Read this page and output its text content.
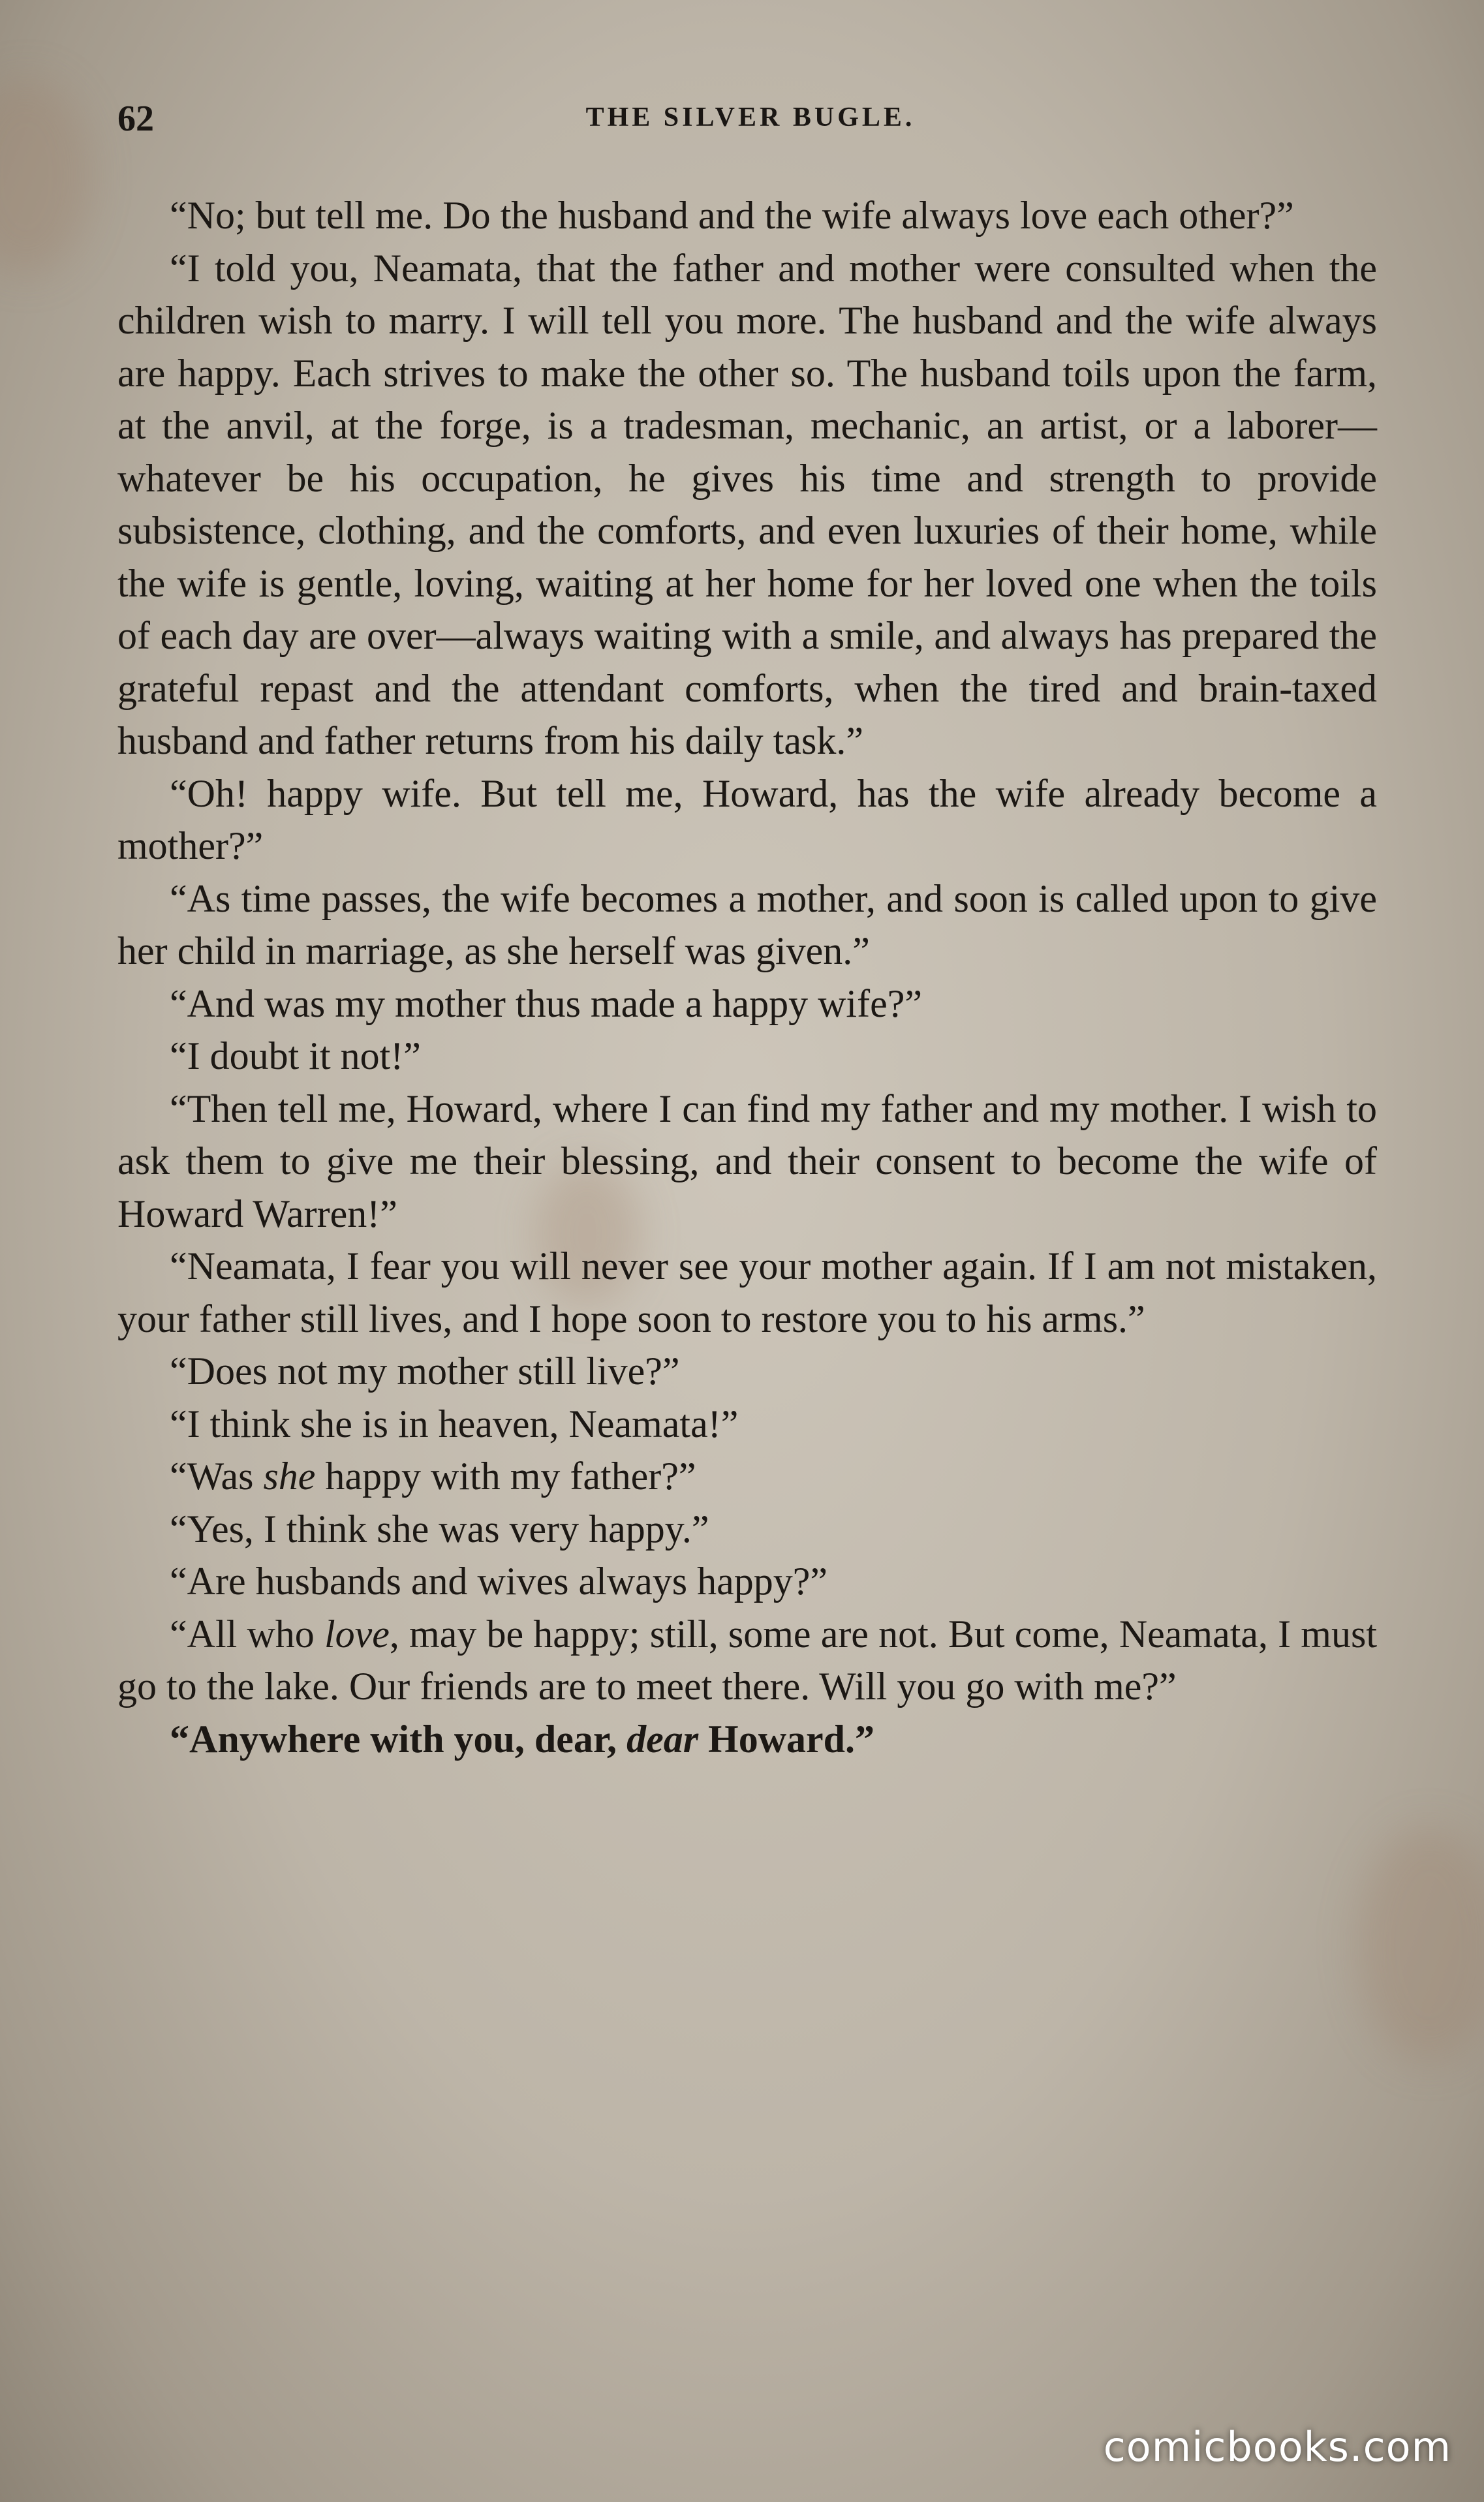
62	THE SILVER BUGLE.

“No; but tell me. Do the husband and the wife always love each other?”

“I told you, Neamata, that the father and mother were consulted when the children wish to marry. I will tell you more. The husband and the wife always are happy. Each strives to make the other so. The husband toils upon the farm, at the anvil, at the forge, is a tradesman, mechanic, an artist, or a laborer—whatever be his occupation, he gives his time and strength to provide subsistence, clothing, and the comforts, and even luxuries of their home, while the wife is gentle, loving, waiting at her home for her loved one when the toils of each day are over—always waiting with a smile, and always has prepared the grateful repast and the attendant comforts, when the tired and brain-taxed husband and father returns from his daily task.”

“Oh! happy wife. But tell me, Howard, has the wife already become a mother?”

“As time passes, the wife becomes a mother, and soon is called upon to give her child in marriage, as she herself was given.”

“And was my mother thus made a happy wife?”

“I doubt it not!”

“Then tell me, Howard, where I can find my father and my mother. I wish to ask them to give me their blessing, and their consent to become the wife of Howard Warren!”

“Neamata, I fear you will never see your mother again. If I am not mistaken, your father still lives, and I hope soon to restore you to his arms.”

“Does not my mother still live?”

“I think she is in heaven, Neamata!”

“Was she happy with my father?”

“Yes, I think she was very happy.”

“Are husbands and wives always happy?”

“All who love, may be happy; still, some are not. But come, Neamata, I must go to the lake. Our friends are to meet there. Will you go with me?”

“Anywhere with you, dear, dear Howard.”

comicbooks.com
